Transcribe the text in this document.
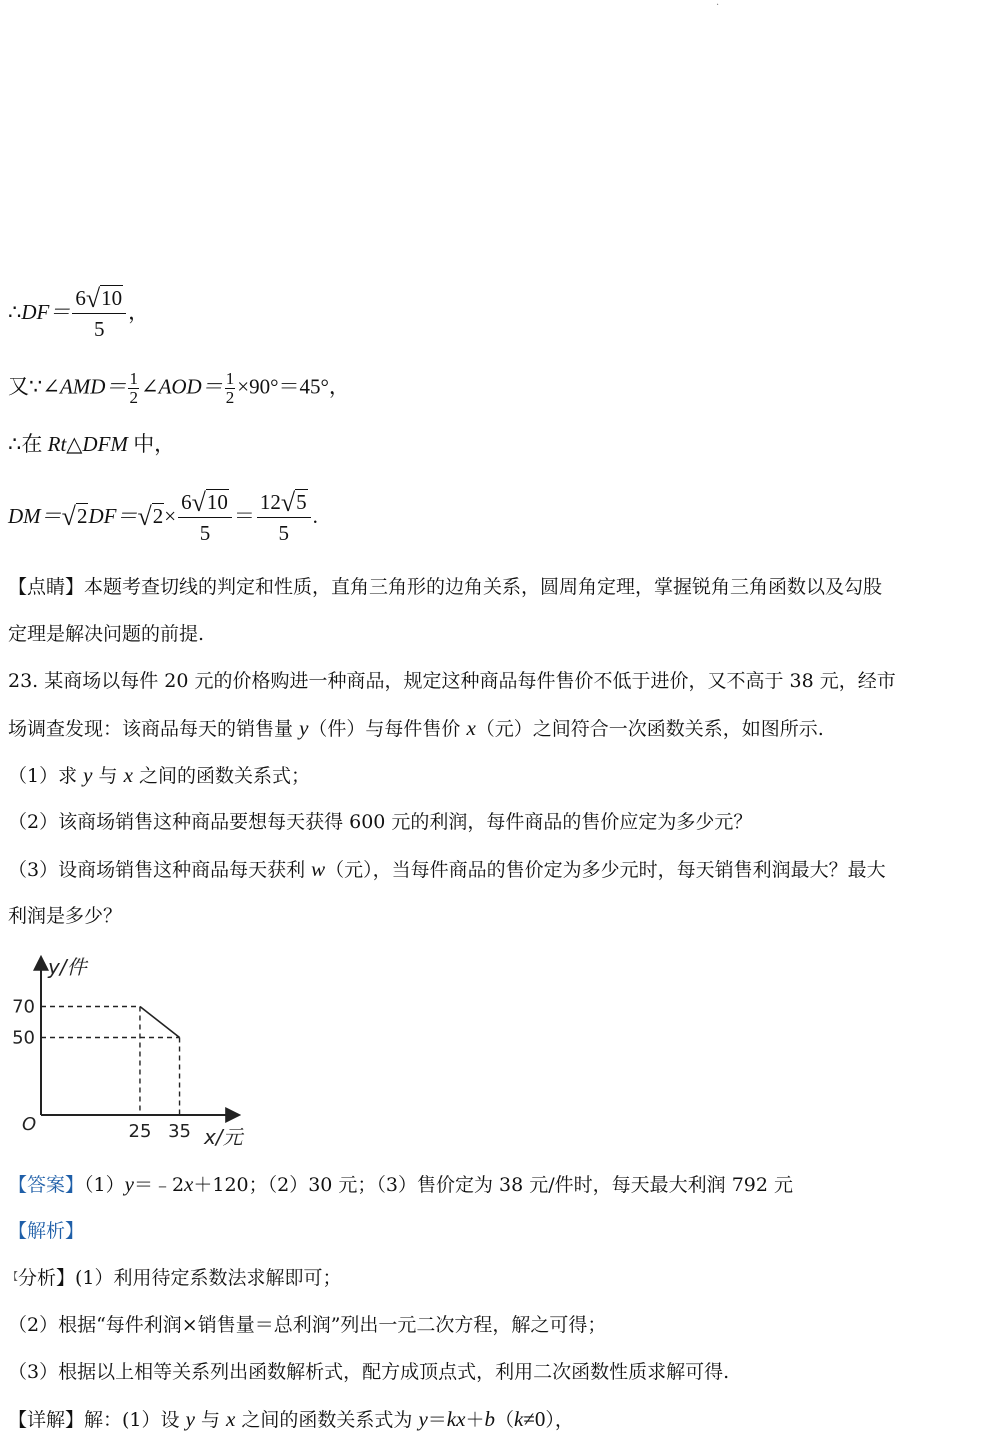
·
∴DF＝ $\frac{6√10}{5}$ ，
又∵∠AMD＝ $\frac{1}{2}$ ∠AOD＝ $\frac{1}{2} \times 90^\circ=45^\circ$，
∴在 Rt△DFM 中，
$DM=√2DF=√2\times \frac{6√10}{5} = \frac{12√5}{5}$ .
【点睛】本题考查切线的判定和性质，直角三角形的边角关系，圆周角定理，掌握锐角三角函数以及勾股
定理是解决问题的前提.
23. 某商场以每件 20 元的价格购进一种商品，规定这种商品每件售价不低于进价，又不高于 38 元，经市
场调查发现：该商品每天的销售量 y（件）与每件售价 x（元）之间符合一次函数关系，如图所示.
（1）求 y 与 x 之间的函数关系式；
（2）该商场销售这种商品要想每天获得 600 元的利润，每件商品的售价应定为多少元？
（3）设商场销售这种商品每天获利 w（元），当每件商品的售价定为多少元时，每天销售利润最大？最大
利润是多少？
y/件
x/元
O	25 35
70
50
【答案】（1）y＝﹣2x＋120；（2）30 元；（3）售价定为 38 元/件时，每天最大利润 792 元
【解析】
【分析】(1）利用待定系数法求解即可；
（2）根据“每件利润×销售量＝总利润”列出一元二次方程，解之可得；
（3）根据以上相等关系列出函数解析式，配方成顶点式，利用二次函数性质求解可得.
【详解】解：(1）设 y 与 x 之间的函数关系式为 y＝kx＋b（k≠0），
